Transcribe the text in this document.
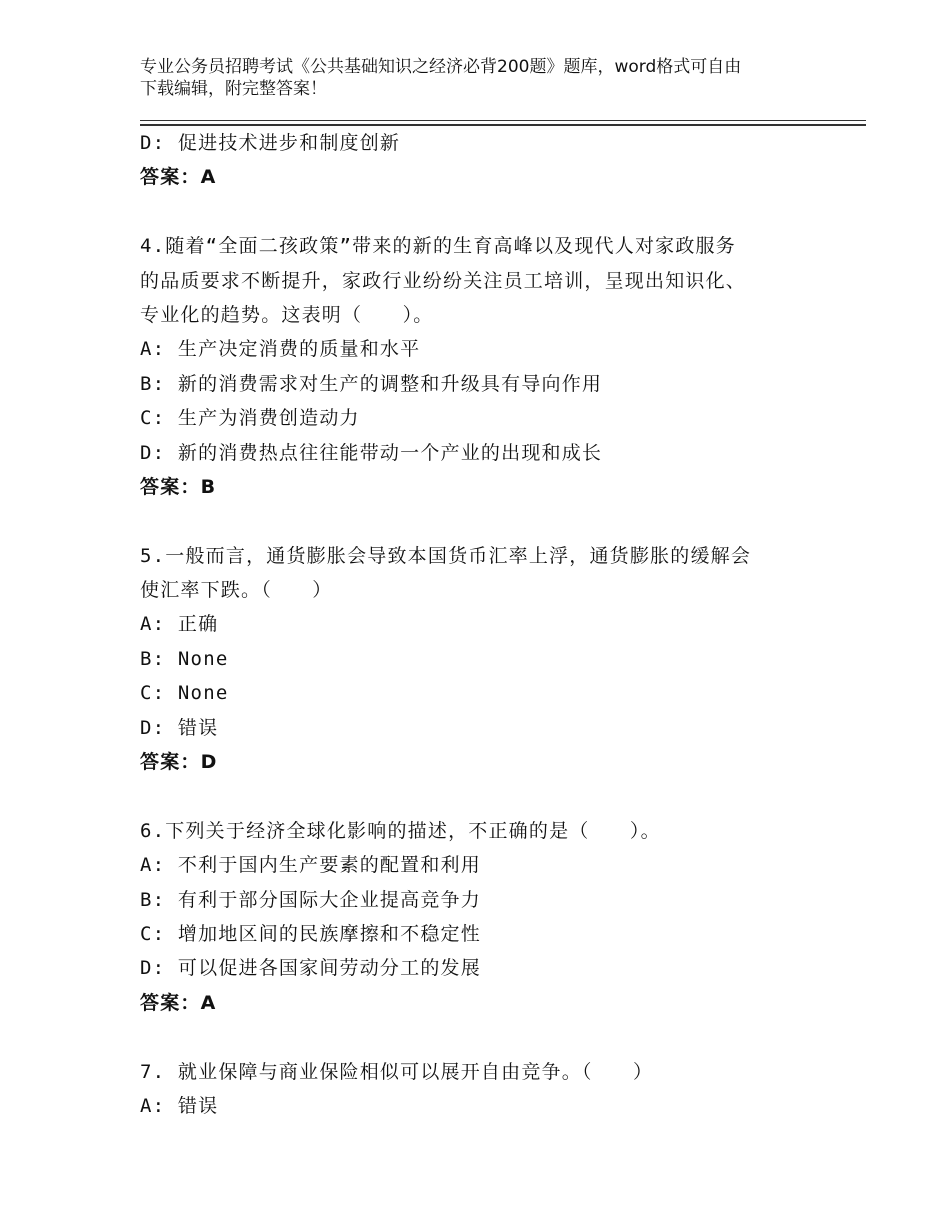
专业公务员招聘考试《公共基础知识之经济必背200题》题库，word格式可自由
下载编辑，附完整答案！
D: 促进技术进步和制度创新
答案：A
4.随着“全面二孩政策”带来的新的生育高峰以及现代人对家政服务
的品质要求不断提升，家政行业纷纷关注员工培训，呈现出知识化、
专业化的趋势。这表明（　　）。
A: 生产决定消费的质量和水平
B: 新的消费需求对生产的调整和升级具有导向作用
C: 生产为消费创造动力
D: 新的消费热点往往能带动一个产业的出现和成长
答案：B
5.一般而言，通货膨胀会导致本国货币汇率上浮，通货膨胀的缓解会
使汇率下跌。（　　）
A: 正确
B: None
C: None
D: 错误
答案：D
6.下列关于经济全球化影响的描述，不正确的是（　　）。
A: 不利于国内生产要素的配置和利用
B: 有利于部分国际大企业提高竞争力
C: 增加地区间的民族摩擦和不稳定性
D: 可以促进各国家间劳动分工的发展
答案：A
7. 就业保障与商业保险相似可以展开自由竞争。（　　）
A: 错误
